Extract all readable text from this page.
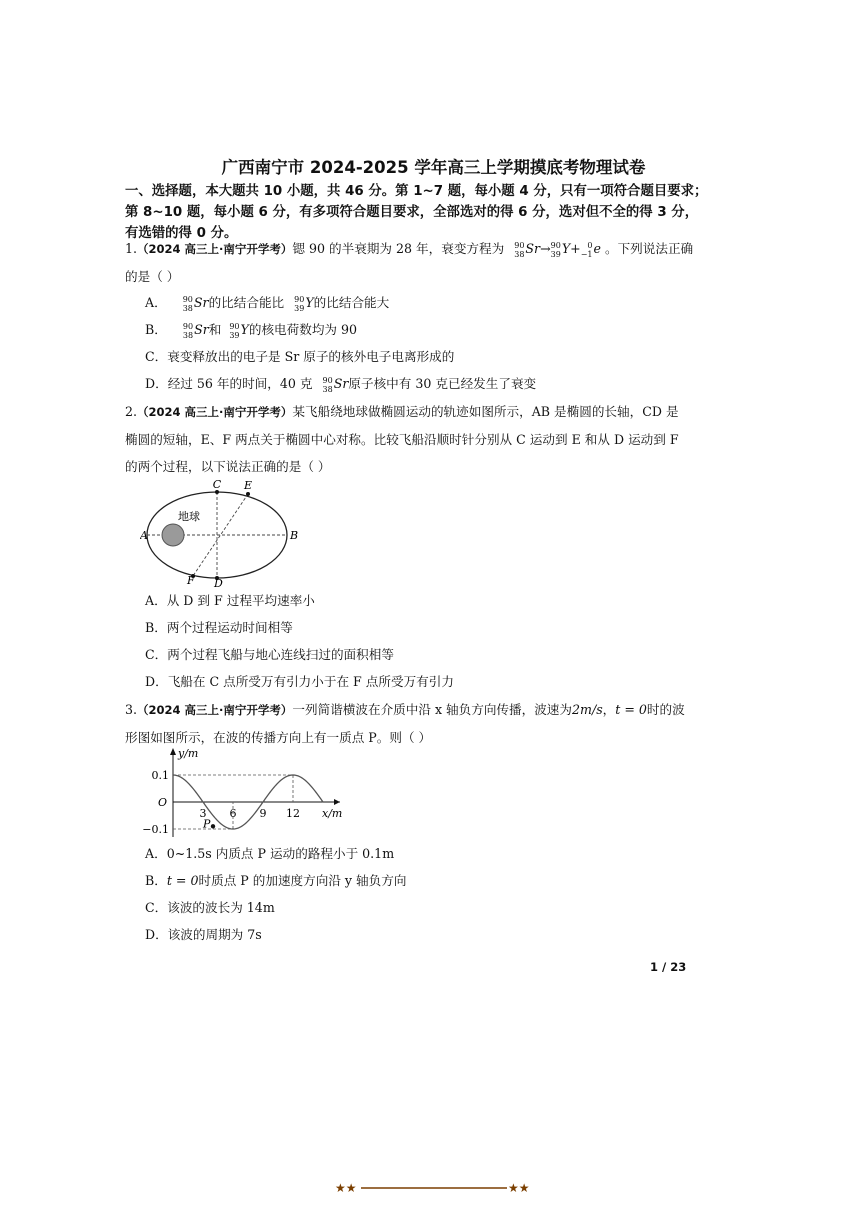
广西南宁市 2024-2025 学年高三上学期摸底考物理试卷
一、选择题，本大题共 10 小题，共 46 分。第 1~7 题，每小题 4 分，只有一项符合题目要求；
第 8~10 题，每小题 6 分，有多项符合题目要求，全部选对的得 6 分，选对但不全的得 3 分，
有选错的得 0 分。
1.（2024 高三上·南宁开学考）锶 90 的半衰期为 28 年，衰变方程为 90
38 Sr→ 90
39 Y+ 0
−1 e 。下列说法正确
的是（ ）
A． 90
38 Sr的比结合能比 90
39 Y的比结合能大
B． 90
38 Sr和 90
39 Y的核电荷数均为 90
C．衰变释放出的电子是 Sr 原子的核外电子电离形成的
D．经过 56 年的时间，40 克 90
38 Sr原子核中有 30 克已经发生了衰变
2.（2024 高三上·南宁开学考）某飞船绕地球做椭圆运动的轨迹如图所示，AB 是椭圆的长轴，CD 是
椭圆的短轴，E、F 两点关于椭圆中心对称。比较飞船沿顺时针分别从 C 运动到 E 和从 D 运动到 F
的两个过程，以下说法正确的是（ ）
地球
A	B
C E
D
F
A．从 D 到 F 过程平均速率小
B．两个过程运动时间相等
C．两个过程飞船与地心连线扫过的面积相等
D．飞船在 C 点所受万有引力小于在 F 点所受万有引力
3.（2024 高三上·南宁开学考）一列简谐横波在介质中沿 x 轴负方向传播，波速为2m/s，t = 0时的波
形图如图所示，在波的传播方向上有一质点 P。则（ ）
y/m
x/m
O
0.1
−0.1
3 6 9 12
P
A．0~1.5s 内质点 P 运动的路程小于 0.1m
B．t = 0时质点 P 的加速度方向沿 y 轴负方向
C．该波的波长为 14m
D．该波的周期为 7s
1 / 23
★★	★★
